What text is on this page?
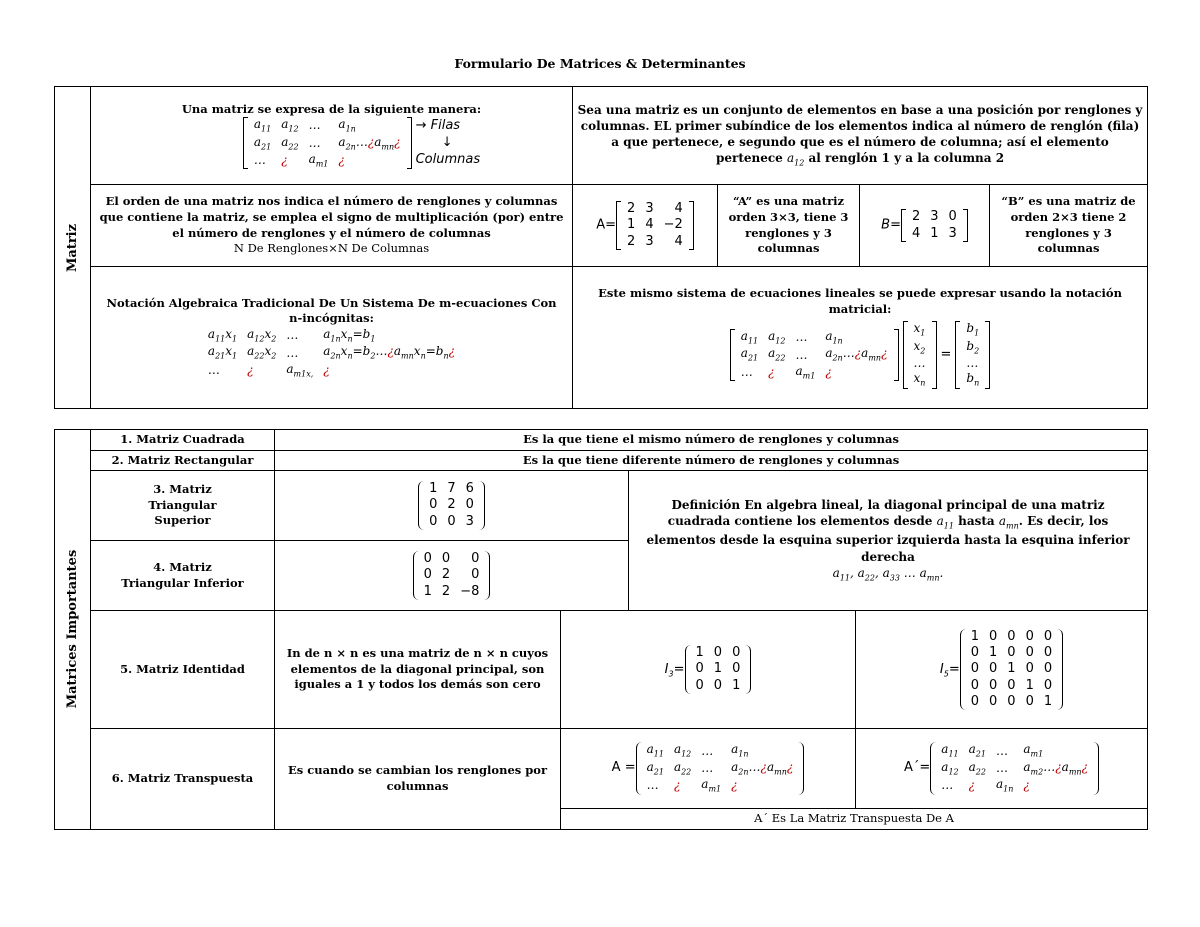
Formulario De Matrices & Determinantes
Matriz

Una matriz se expresa de la siguiente manera:
$a_{11}$	$a_{12}$	…	$a_{1n}$
$a_{21}$	$a_{22}$	…	$a_{2n}\dots¿a_{mn}¿$
…	¿	$a_{m1}$	¿
→ Filas
↓
Columnas
	Sea una matriz es un conjunto de elementos en base a una posición por renglones y columnas. EL primer subíndice de los elementos indica al número de renglón (fila) a que pertenece, e segundo que es el número de columna; así el elemento pertenece $a_{12}$ al renglón 1 y a la columna 2

El orden de una matriz nos indica el número de renglones y columnas que contiene la matriz, se emplea el signo de multiplicación (por) entre el número de renglones y el número de columnas
N De Renglones×N De Columnas
	A=
2	3	4
1	4	−2
2	3	4
	“A” es una matriz orden 3×3, tiene 3 renglones y 3 columnas	B=
2	3	0
4	1	3
	“B” es una matriz de orden 2×3 tiene 2 renglones y 3 columnas

Notación Algebraica Tradicional De Un Sistema De m-ecuaciones Con n-incógnitas:
$a_{11}x_1$	$a_{12}x_2$	…	$a_{1n}x_n=b_1$
$a_{21}x_1$	$a_{22}x_2$	…	$a_{2n}x_n=b_2\dots¿a_{mn}x_n=b_n¿$
…	¿	$a_{m1x,}$	¿

Este mismo sistema de ecuaciones lineales se puede expresar usando la notación matricial:
$a_{11}$	$a_{12}$	…	$a_{1n}$
$a_{21}$	$a_{22}$	…	$a_{2n}\dots¿a_{mn}¿$
…	¿	$a_{m1}$	¿
$x_1$
$x_2$
…
$x_n$
=
$b_1$
$b_2$
…
$b_n$
Matrices Importantes
	1. Matriz Cuadrada	Es la que tiene el mismo número de renglones y columnas
2. Matriz Rectangular	Es la que tiene diferente número de renglones y columnas
3. Matriz Triangular Superior	
1	7	6
0	2	0
0	0	3
	Definición En algebra lineal, la diagonal principal de una matriz cuadrada contiene los elementos desde $a_{11}$ hasta $a_{mn}$. Es decir, los elementos desde la esquina superior izquierda hasta la esquina inferior derecha
$a_{11}$, $a_{22}$, $a_{33}$ … $a_{mn}$.

4. Matriz Triangular Inferior	
0	0	0
0	2	0
1	2	−8

5. Matriz Identidad	In de n × n es una matriz de n × n cuyos elementos de la diagonal principal, son iguales a 1 y todos los demás son cero	$I_3=$
1	0	0
0	1	0
0	0	1
	$I_5=$
1	0	0	0	0
0	1	0	0	0
0	0	1	0	0
0	0	0	1	0
0	0	0	0	1

6. Matriz Transpuesta	Es cuando se cambian los renglones por columnas	A =
$a_{11}$	$a_{12}$	…	$a_{1n}$
$a_{21}$	$a_{22}$	…	$a_{2n}\dots¿a_{mn}¿$
…	¿	$a_{m1}$	¿
	A´=
$a_{11}$	$a_{21}$	…	$a_{m1}$
$a_{12}$	$a_{22}$	…	$a_{m2}\dots¿a_{mn}¿$
…	¿	$a_{1n}$	¿

A´ Es La Matriz Transpuesta De A
